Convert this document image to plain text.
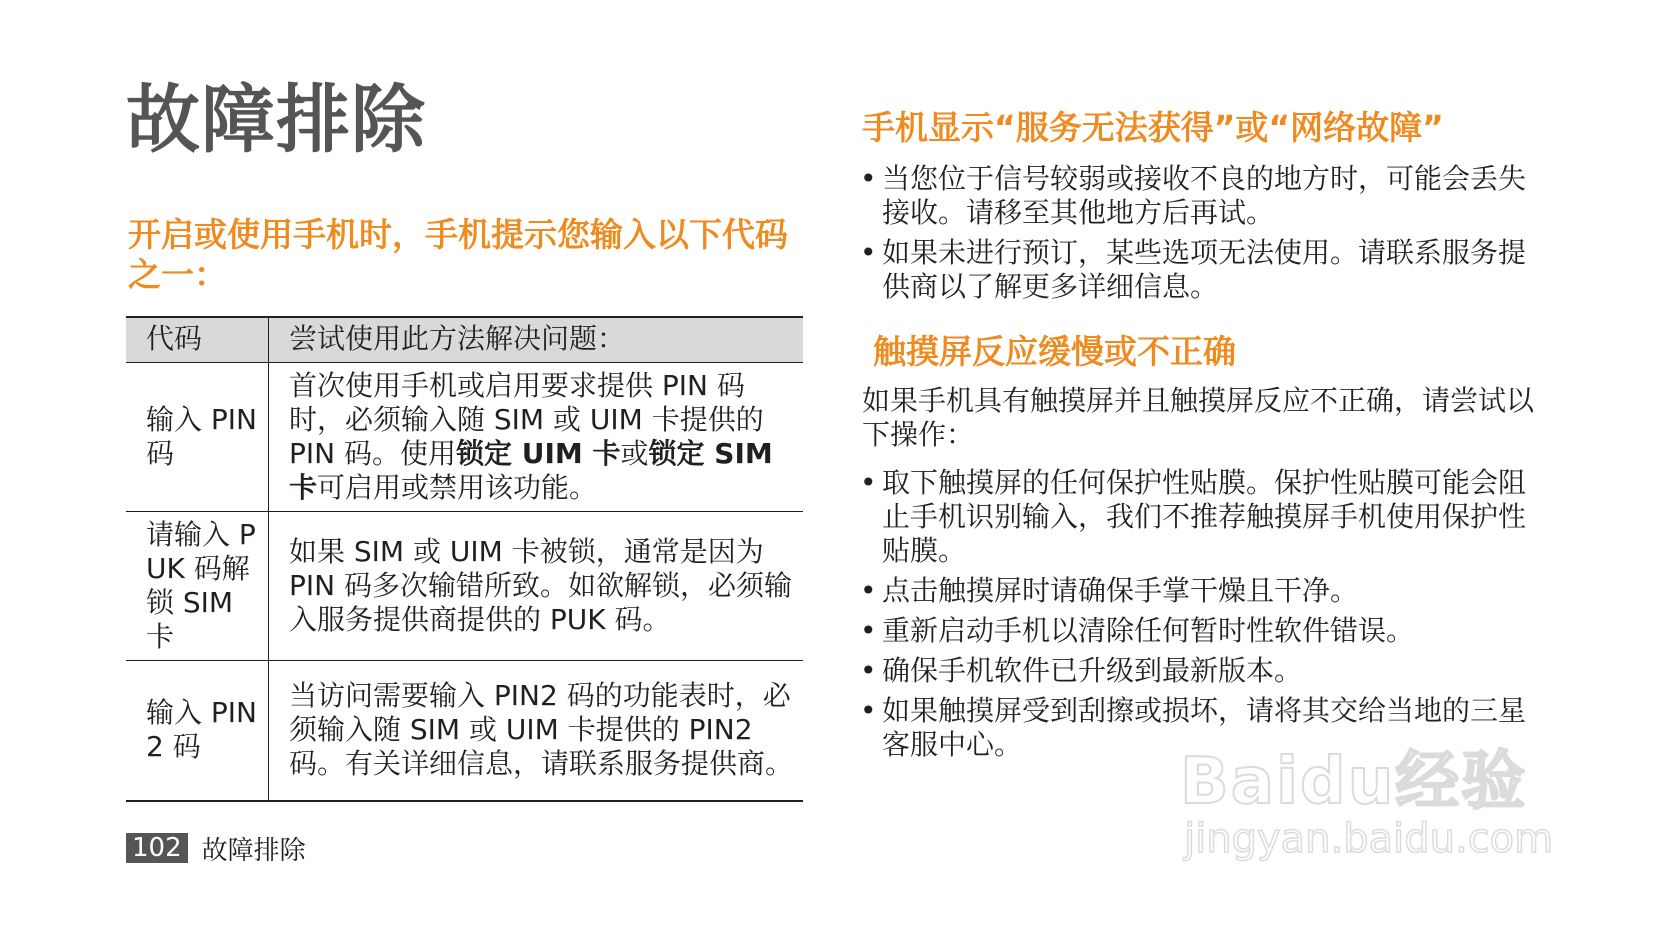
故障排除
开启或使用手机时，手机提示您输入以下代码之一：
代码	尝试使用此方法解决问题：
输入 PIN 码	首次使用手机或启用要求提供 PIN 码时，必须输入随 SIM 或 UIM 卡提供的 PIN 码。使用锁定 UIM 卡或锁定 SIM 卡可启用或禁用该功能。
请输入 PUK 码解锁 SIM 卡	如果 SIM 或 UIM 卡被锁，通常是因为 PIN 码多次输错所致。如欲解锁，必须输入服务提供商提供的 PUK 码。
输入 PIN2 码	当访问需要输入 PIN2 码的功能表时，必须输入随 SIM 或 UIM 卡提供的 PIN2 码。有关详细信息，请联系服务提供商。
102 故障排除
手机显示“服务无法获得”或“网络故障”
• 当您位于信号较弱或接收不良的地方时，可能会丢失接收。请移至其他地方后再试。
• 如果未进行预订，某些选项无法使用。请联系服务提供商以了解更多详细信息。
触摸屏反应缓慢或不正确

如果手机具有触摸屏并且触摸屏反应不正确，请尝试以下操作：

• 取下触摸屏的任何保护性贴膜。保护性贴膜可能会阻止手机识别输入，我们不推荐触摸屏手机使用保护性贴膜。
• 点击触摸屏时请确保手掌干燥且干净。
• 重新启动手机以清除任何暂时性软件错误。
• 确保手机软件已升级到最新版本。
• 如果触摸屏受到刮擦或损坏，请将其交给当地的三星客服中心。
Baidu经验
jingyan.baidu.com
